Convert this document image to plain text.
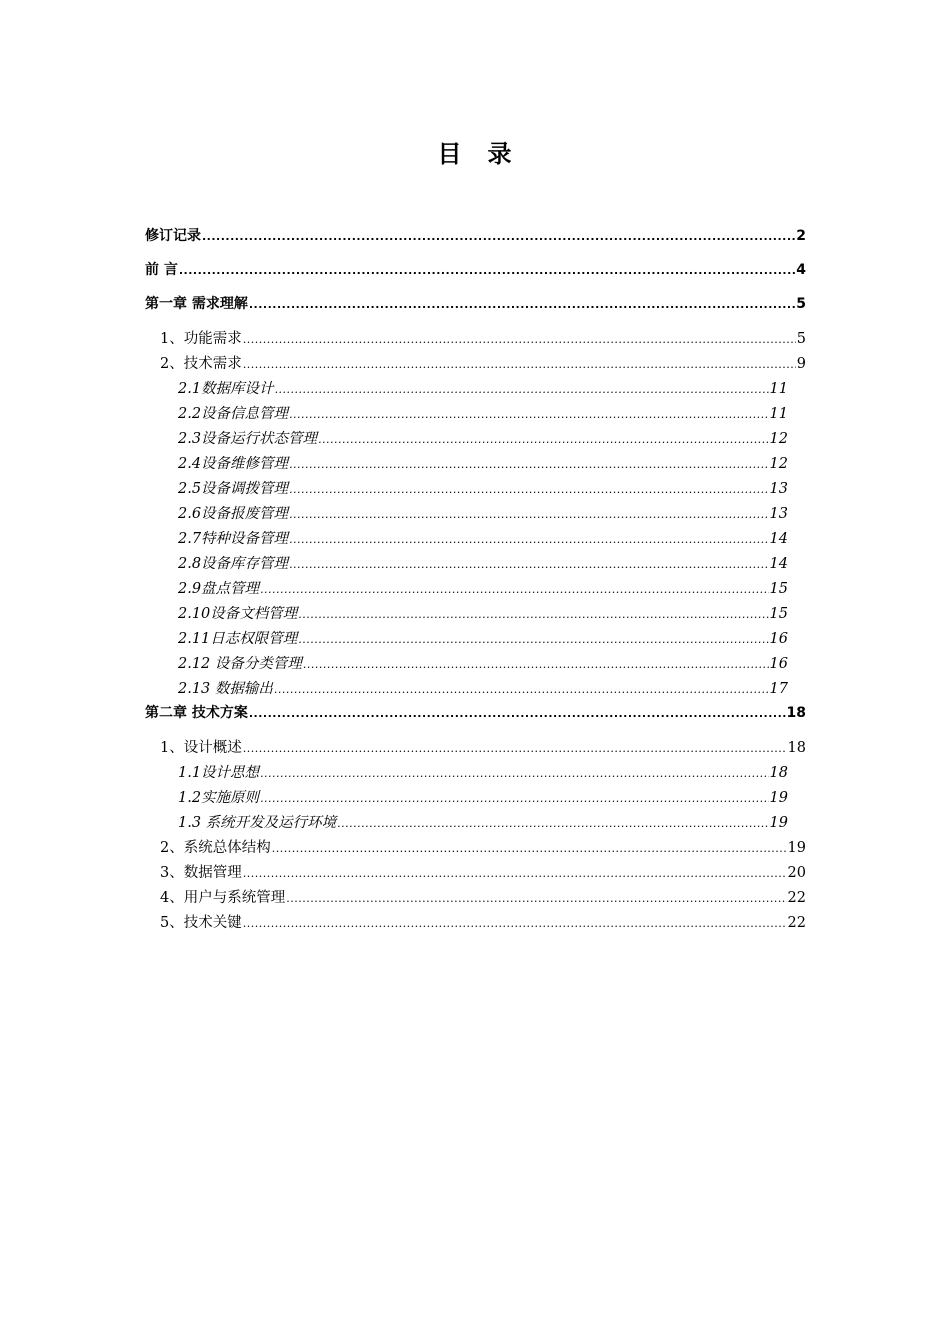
目　录
修订记录 .....	2
前 言 .....	4
第一章 需求理解 .....	5
1、功能需求 .....	5
2、技术需求 .....	9
2.1数据库设计 .....	11
2.2设备信息管理 .....	11
2.3设备运行状态管理 .....	12
2.4设备维修管理 .....	12
2.5设备调拨管理 .....	13
2.6设备报废管理 .....	13
2.7特种设备管理 .....	14
2.8设备库存管理 .....	14
2.9盘点管理 .....	15
2.10设备文档管理 .....	15
2.11日志权限管理 .....	16
2.12 设备分类管理 .....	16
2.13 数据输出 .....	17
第二章 技术方案 .....	18
1、设计概述 .....	18
1.1设计思想 .....	18
1.2实施原则 .....	19
1.3 系统开发及运行环境 .....	19
2、系统总体结构 .....	19
3、数据管理 .....	20
4、用户与系统管理 .....	22
5、技术关键 .....	22
